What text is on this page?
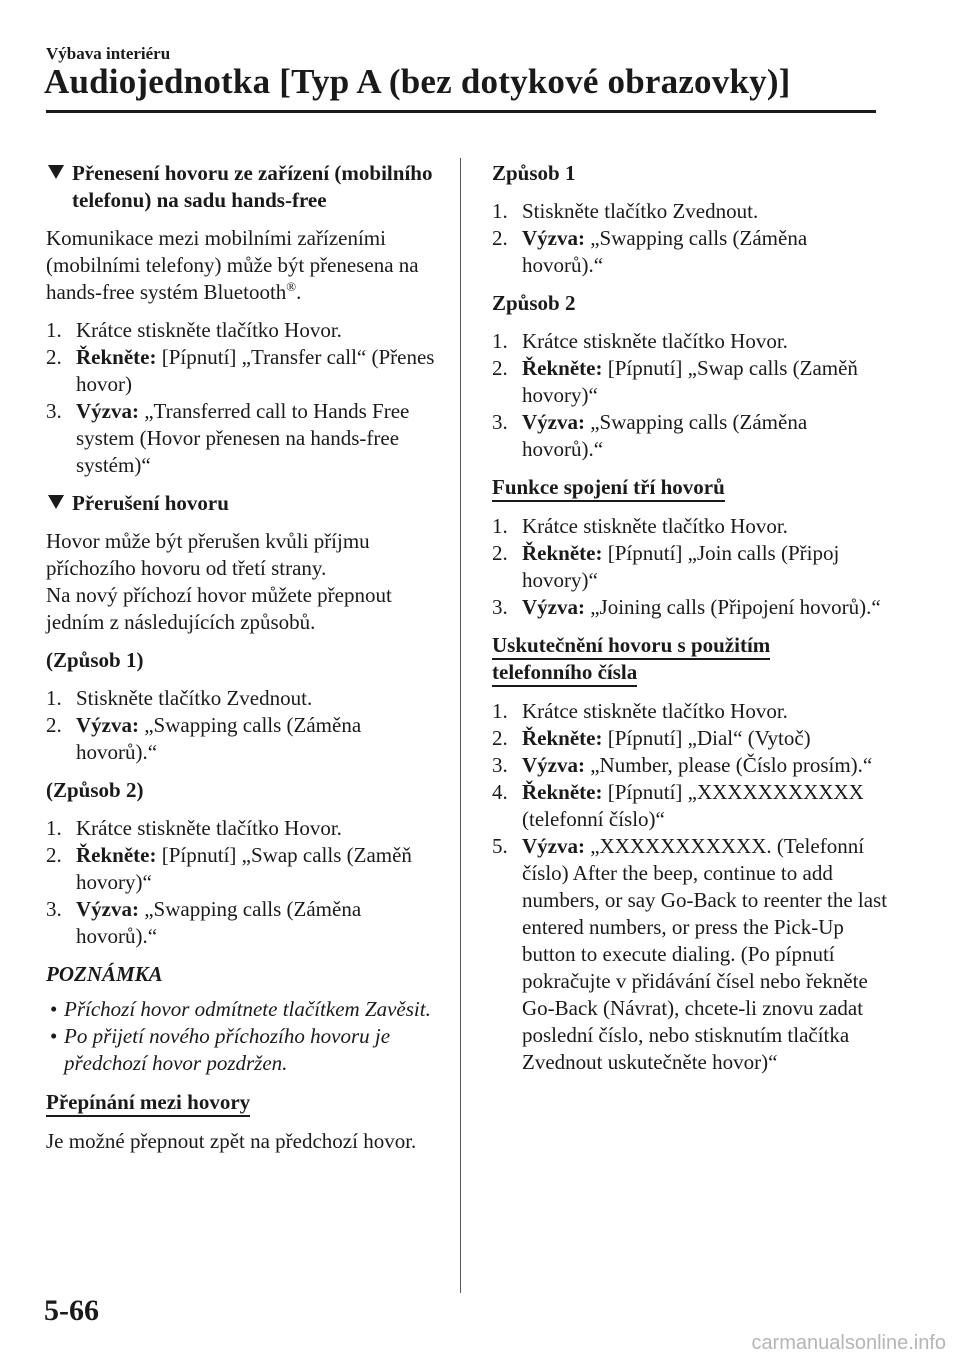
Výbava interiéru
Audiojednotka [Typ A (bez dotykové obrazovky)]
Přenesení hovoru ze zařízení (mobilního telefonu) na sadu hands-free

Komunikace mezi mobilními zařízeními (mobilními telefony) může být přenesena na hands-free systém Bluetooth®.

1. Krátce stiskněte tlačítko Hovor.
2. Řekněte: [Pípnutí] „Transfer call“ (Přenes hovor)
3. Výzva: „Transferred call to Hands Free system (Hovor přenesen na hands-free systém)“
Přerušení hovoru

Hovor může být přerušen kvůli příjmu příchozího hovoru od třetí strany.

Na nový příchozí hovor můžete přepnout jedním z následujících způsobů.

(Způsob 1)

1. Stiskněte tlačítko Zvednout.
2. Výzva: „Swapping calls (Záměna hovorů).“

(Způsob 2)

1. Krátce stiskněte tlačítko Hovor.
2. Řekněte: [Pípnutí] „Swap calls (Zaměň hovory)“
3. Výzva: „Swapping calls (Záměna hovorů).“
POZNÁMKA
• Příchozí hovor odmítnete tlačítkem Zavěsit.
• Po přijetí nového příchozího hovoru je předchozí hovor pozdržen.
Přepínání mezi hovory

Je možné přepnout zpět na předchozí hovor.

Způsob 1

1. Stiskněte tlačítko Zvednout.
2. Výzva: „Swapping calls (Záměna hovorů).“

Způsob 2

1. Krátce stiskněte tlačítko Hovor.
2. Řekněte: [Pípnutí] „Swap calls (Zaměň hovory)“
3. Výzva: „Swapping calls (Záměna hovorů).“
Funkce spojení tří hovorů
1. Krátce stiskněte tlačítko Hovor.
2. Řekněte: [Pípnutí] „Join calls (Připoj hovory)“
3. Výzva: „Joining calls (Připojení hovorů).“
Uskutečnění hovoru s použitím
telefonního čísla
1. Krátce stiskněte tlačítko Hovor.
2. Řekněte: [Pípnutí] „Dial“ (Vytoč)
3. Výzva: „Number, please (Číslo prosím).“
4. Řekněte: [Pípnutí] „XXXXXXXXXXX (telefonní číslo)“
5. Výzva: „XXXXXXXXXXX. (Telefonní číslo) After the beep, continue to add numbers, or say Go-Back to reenter the last entered numbers, or press the Pick-Up button to execute dialing. (Po pípnutí pokračujte v přidávání čísel nebo řekněte Go-Back (Návrat), chcete-li znovu zadat poslední číslo, nebo stisknutím tlačítka Zvednout uskutečněte hovor)“
5-66
carmanualsonline.info
